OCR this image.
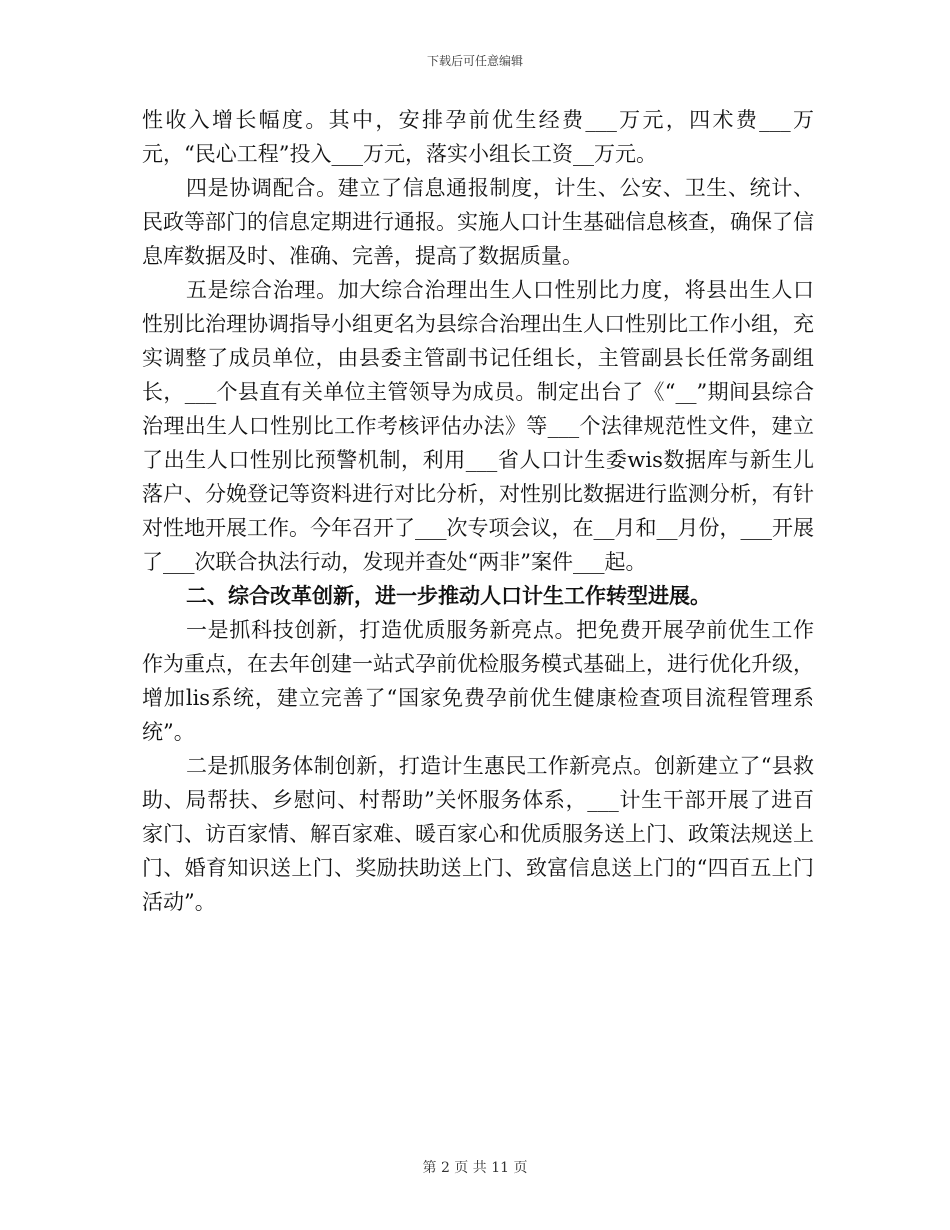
下载后可任意编辑

性收入增长幅度。其中，安排孕前优生经费___万元，四术费___万元，“民心工程”投入___万元，落实小组长工资__万元。

四是协调配合。建立了信息通报制度，计生、公安、卫生、统计、民政等部门的信息定期进行通报。实施人口计生基础信息核查，确保了信息库数据及时、准确、完善，提高了数据质量。

五是综合治理。加大综合治理出生人口性别比力度，将县出生人口性别比治理协调指导小组更名为县综合治理出生人口性别比工作小组，充实调整了成员单位，由县委主管副书记任组长，主管副县长任常务副组长，___个县直有关单位主管领导为成员。制定出台了《“__”期间县综合治理出生人口性别比工作考核评估办法》等___个法律规范性文件，建立了出生人口性别比预警机制，利用___省人口计生委wis数据库与新生儿落户、分娩登记等资料进行对比分析，对性别比数据进行监测分析，有针对性地开展工作。今年召开了___次专项会议，在__月和__月份，___开展了___次联合执法行动，发现并查处“两非”案件___起。

二、综合改革创新，进一步推动人口计生工作转型进展。

一是抓科技创新，打造优质服务新亮点。把免费开展孕前优生工作作为重点，在去年创建一站式孕前优检服务模式基础上，进行优化升级，增加lis系统，建立完善了“国家免费孕前优生健康检查项目流程管理系统”。

二是抓服务体制创新，打造计生惠民工作新亮点。创新建立了“县救助、局帮扶、乡慰问、村帮助”关怀服务体系，___计生干部开展了进百家门、访百家情、解百家难、暖百家心和优质服务送上门、政策法规送上门、婚育知识送上门、奖励扶助送上门、致富信息送上门的“四百五上门活动”。

第 2 页 共 11 页
